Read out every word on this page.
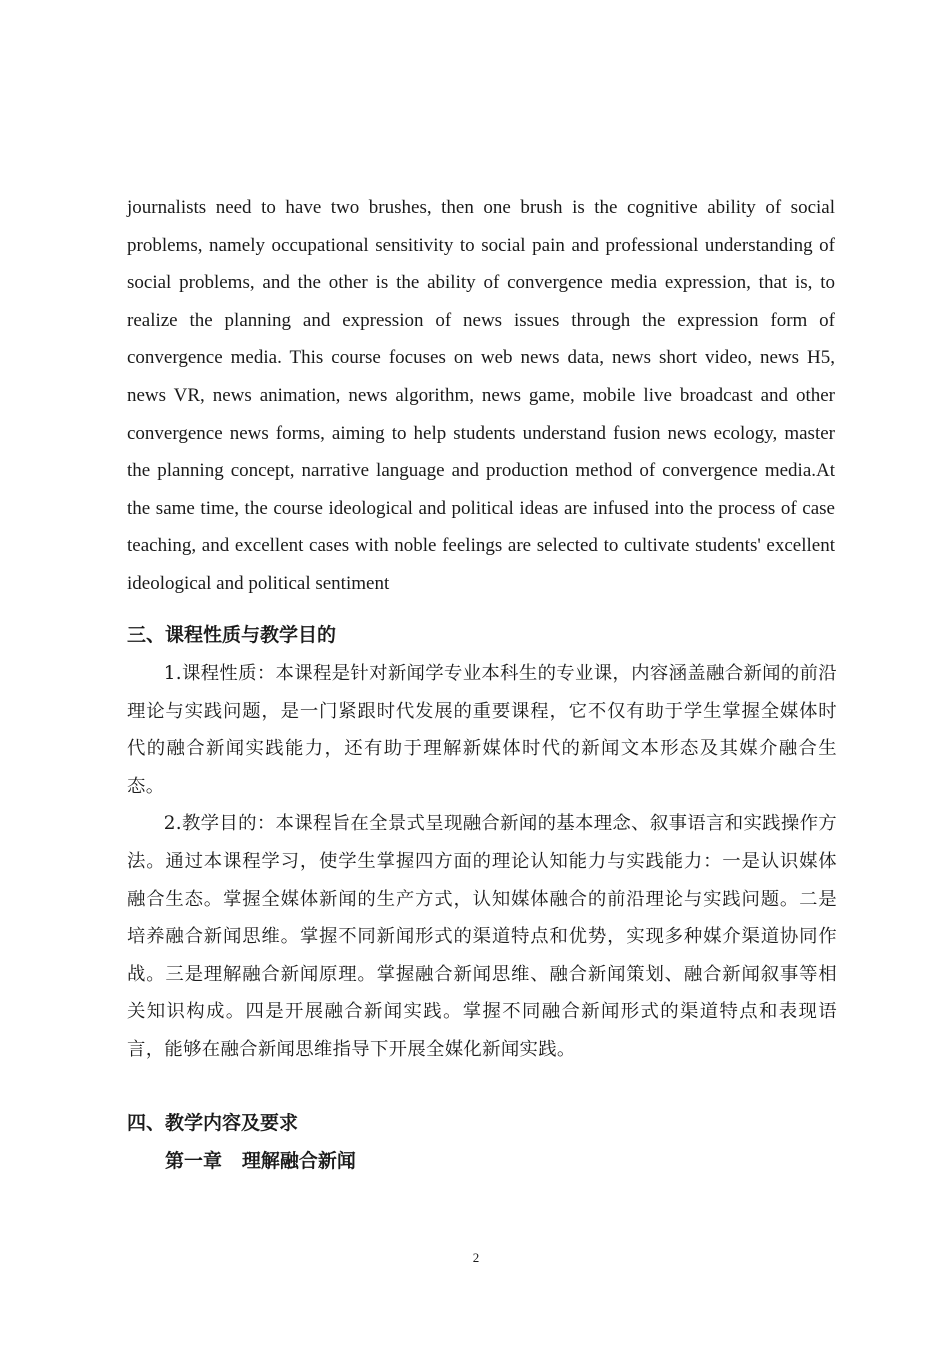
journalists need to have two brushes, then one brush is the cognitive ability of social problems, namely occupational sensitivity to social pain and professional understanding of social problems, and the other is the ability of convergence media expression, that is, to realize the planning and expression of news issues through the expression form of convergence media. This course focuses on web news data, news short video, news H5, news VR, news animation, news algorithm, news game, mobile live broadcast and other convergence news forms, aiming to help students understand fusion news ecology, master the planning concept, narrative language and production method of convergence media.At the same time, the course ideological and political ideas are infused into the process of case teaching, and excellent cases with noble feelings are selected to cultivate students' excellent ideological and political sentiment

三、课程性质与教学目的

1.课程性质：本课程是针对新闻学专业本科生的专业课，内容涵盖融合新闻的前沿理论与实践问题，是一门紧跟时代发展的重要课程，它不仅有助于学生掌握全媒体时代的融合新闻实践能力，还有助于理解新媒体时代的新闻文本形态及其媒介融合生态。

2.教学目的：本课程旨在全景式呈现融合新闻的基本理念、叙事语言和实践操作方法。通过本课程学习，使学生掌握四方面的理论认知能力与实践能力：一是认识媒体融合生态。掌握全媒体新闻的生产方式，认知媒体融合的前沿理论与实践问题。二是培养融合新闻思维。掌握不同新闻形式的渠道特点和优势，实现多种媒介渠道协同作战。三是理解融合新闻原理。掌握融合新闻思维、融合新闻策划、融合新闻叙事等相关知识构成。四是开展融合新闻实践。掌握不同融合新闻形式的渠道特点和表现语言，能够在融合新闻思维指导下开展全媒化新闻实践。

四、教学内容及要求
第一章   理解融合新闻
2
